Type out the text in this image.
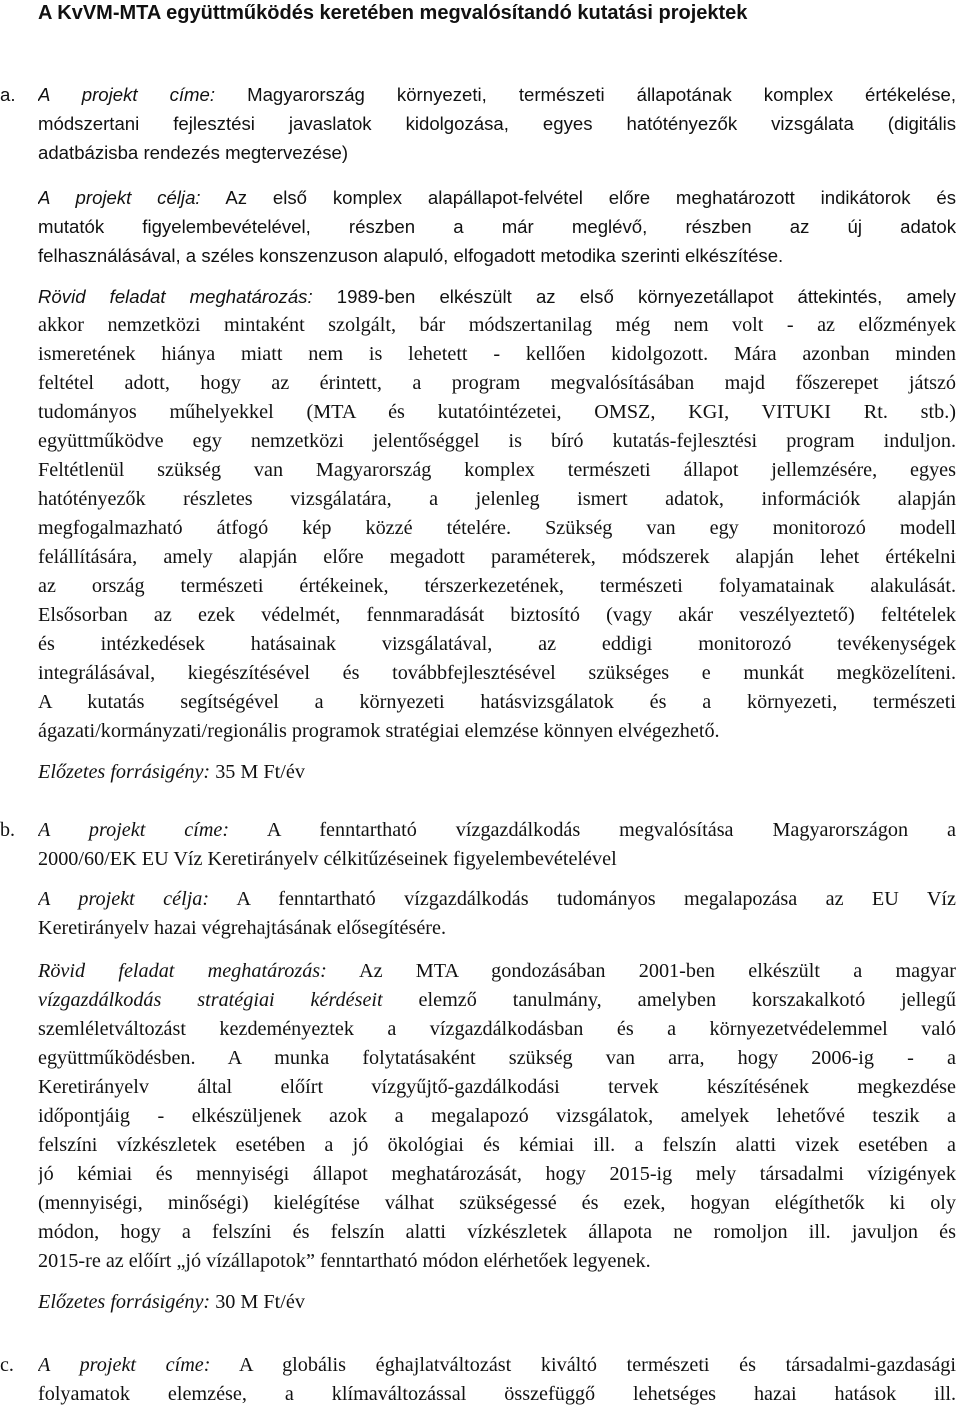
A KvVM-MTA együttműködés keretében megvalósítandó kutatási projektek
a.	A projekt címe: Magyarország környezeti, természeti állapotának komplex értékelése,
módszertani fejlesztési javaslatok kidolgozása, egyes hatótényezők vizsgálata (digitális
adatbázisba rendezés megtervezése)
A projekt célja: Az első komplex alapállapot-felvétel előre meghatározott indikátorok és
mutatók figyelembevételével, részben a már meglévő, részben az új adatok
felhasználásával, a széles konszenzuson alapuló, elfogadott metodika szerinti elkészítése.
Rövid feladat meghatározás: 1989-ben elkészült az első környezetállapot áttekintés, amely
akkor nemzetközi mintaként szolgált, bár módszertanilag még nem volt - az előzmények
ismeretének hiánya miatt nem is lehetett - kellően kidolgozott. Mára azonban minden
feltétel adott, hogy az érintett, a program megvalósításában majd főszerepet játszó
tudományos műhelyekkel (MTA és kutatóintézetei, OMSZ, KGI, VITUKI Rt. stb.)
együttműködve egy nemzetközi jelentőséggel is bíró kutatás-fejlesztési program induljon.
Feltétlenül szükség van Magyarország komplex természeti állapot jellemzésére, egyes
hatótényezők részletes vizsgálatára, a jelenleg ismert adatok, információk alapján
megfogalmazható átfogó kép közzé tételére. Szükség van egy monitorozó modell
felállítására, amely alapján előre megadott paraméterek, módszerek alapján lehet értékelni
az ország természeti értékeinek, térszerkezetének, természeti folyamatainak alakulását.
Elsősorban az ezek védelmét, fennmaradását biztosító (vagy akár veszélyeztető) feltételek
és intézkedések hatásainak vizsgálatával, az eddigi monitorozó tevékenységek
integrálásával, kiegészítésével és továbbfejlesztésével szükséges e munkát megközelíteni.
A kutatás segítségével a környezeti hatásvizsgálatok és a környezeti, természeti
ágazati/kormányzati/regionális programok stratégiai elemzése könnyen elvégezhető.
Előzetes forrásigény: 35 M Ft/év
b.	A projekt címe: A fenntartható vízgazdálkodás megvalósítása Magyarországon a
2000/60/EK EU Víz Keretirányelv célkitűzéseinek figyelembevételével
A projekt célja: A fenntartható vízgazdálkodás tudományos megalapozása az EU Víz
Keretirányelv hazai végrehajtásának elősegítésére.
Rövid feladat meghatározás: Az MTA gondozásában 2001-ben elkészült a magyar
vízgazdálkodás stratégiai kérdéseit elemző tanulmány, amelyben korszakalkotó jellegű
szemléletváltozást kezdeményeztek a vízgazdálkodásban és a környezetvédelemmel való
együttműködésben. A munka folytatásaként szükség van arra, hogy 2006-ig - a
Keretirányelv által előírt vízgyűjtő-gazdálkodási tervek készítésének megkezdése
időpontjáig - elkészüljenek azok a megalapozó vizsgálatok, amelyek lehetővé teszik a
felszíni vízkészletek esetében a jó ökológiai és kémiai ill. a felszín alatti vizek esetében a
jó kémiai és mennyiségi állapot meghatározását, hogy 2015-ig mely társadalmi vízigények
(mennyiségi, minőségi) kielégítése válhat szükségessé és ezek, hogyan elégíthetők ki oly
módon, hogy a felszíni és felszín alatti vízkészletek állapota ne romoljon ill. javuljon és
2015-re az előírt „jó vízállapotok” fenntartható módon elérhetőek legyenek.
Előzetes forrásigény: 30 M Ft/év
c.	A projekt címe: A globális éghajlatváltozást kiváltó természeti és társadalmi-gazdasági
folyamatok elemzése, a klímaváltozással összefüggő lehetséges hazai hatások ill.
